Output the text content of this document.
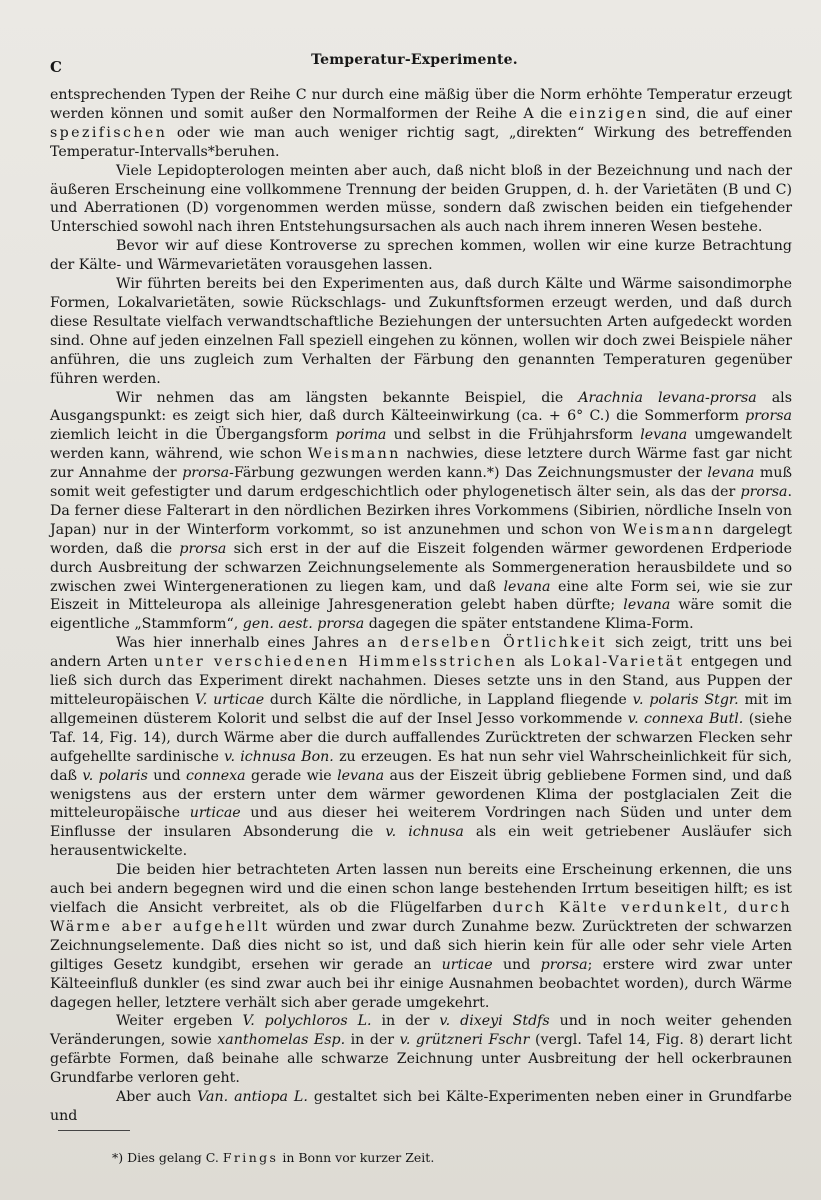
C	Temperatur-Experimente.

entsprechenden Typen der Reihe C nur durch eine mäßig über die Norm erhöhte Temperatur erzeugt werden können und somit außer den Normalformen der Reihe A die einzigen sind, die auf einer spezifischen oder wie man auch weniger richtig sagt, „direkten“ Wirkung des betreffenden Temperatur-Intervalls*beruhen.

Viele Lepidopterologen meinten aber auch, daß nicht bloß in der Bezeichnung und nach der äußeren Erscheinung eine vollkommene Trennung der beiden Gruppen, d. h. der Varietäten (B und C) und Aberrationen (D) vorgenommen werden müsse, sondern daß zwischen beiden ein tiefgehender Unterschied sowohl nach ihren Entstehungsursachen als auch nach ihrem inneren Wesen bestehe.

Bevor wir auf diese Kontroverse zu sprechen kommen, wollen wir eine kurze Betrachtung der Kälte- und Wärmevarietäten vorausgehen lassen.

Wir führten bereits bei den Experimenten aus, daß durch Kälte und Wärme saisondimorphe Formen, Lokalvarietäten, sowie Rückschlags- und Zukunftsformen erzeugt werden, und daß durch diese Resultate vielfach verwandtschaftliche Beziehungen der untersuchten Arten aufgedeckt worden sind. Ohne auf jeden einzelnen Fall speziell eingehen zu können, wollen wir doch zwei Beispiele näher anführen, die uns zugleich zum Verhalten der Färbung den genannten Temperaturen gegenüber führen werden.

Wir nehmen das am längsten bekannte Beispiel, die Arachnia levana-prorsa als Ausgangspunkt: es zeigt sich hier, daß durch Kälteeinwirkung (ca. + 6° C.) die Sommerform prorsa ziemlich leicht in die Übergangsform porima und selbst in die Frühjahrsform levana umgewandelt werden kann, während, wie schon Weismann nachwies, diese letztere durch Wärme fast gar nicht zur Annahme der prorsa-Färbung gezwungen werden kann.*) Das Zeichnungsmuster der levana muß somit weit gefestigter und darum erdgeschichtlich oder phylogenetisch älter sein, als das der prorsa. Da ferner diese Falterart in den nördlichen Bezirken ihres Vorkommens (Sibirien, nördliche Inseln von Japan) nur in der Winterform vorkommt, so ist anzunehmen und schon von Weismann dargelegt worden, daß die prorsa sich erst in der auf die Eiszeit folgenden wärmer gewordenen Erdperiode durch Ausbreitung der schwarzen Zeichnungselemente als Sommergeneration herausbildete und so zwischen zwei Wintergenerationen zu liegen kam, und daß levana eine alte Form sei, wie sie zur Eiszeit in Mitteleuropa als alleinige Jahresgeneration gelebt haben dürfte; levana wäre somit die eigentliche „Stammform“, gen. aest. prorsa dagegen die später entstandene Klima-Form.

Was hier innerhalb eines Jahres an derselben Örtlichkeit sich zeigt, tritt uns bei andern Arten unter verschiedenen Himmelsstrichen als Lokal-Varietät entgegen und ließ sich durch das Experiment direkt nachahmen. Dieses setzte uns in den Stand, aus Puppen der mitteleuropäischen V. urticae durch Kälte die nördliche, in Lappland fliegende v. polaris Stgr. mit im allgemeinen düsterem Kolorit und selbst die auf der Insel Jesso vorkommende v. connexa Butl. (siehe Taf. 14, Fig. 14), durch Wärme aber die durch auffallendes Zurücktreten der schwarzen Flecken sehr aufgehellte sardinische v. ichnusa Bon. zu erzeugen. Es hat nun sehr viel Wahrscheinlichkeit für sich, daß v. polaris und connexa gerade wie levana aus der Eiszeit übrig gebliebene Formen sind, und daß wenigstens aus der erstern unter dem wärmer gewordenen Klima der postglacialen Zeit die mitteleuropäische urticae und aus dieser hei weiterem Vordringen nach Süden und unter dem Einflusse der insularen Absonderung die v. ichnusa als ein weit getriebener Ausläufer sich herausentwickelte.

Die beiden hier betrachteten Arten lassen nun bereits eine Erscheinung erkennen, die uns auch bei andern begegnen wird und die einen schon lange bestehenden Irrtum beseitigen hilft; es ist vielfach die Ansicht verbreitet, als ob die Flügelfarben durch Kälte verdunkelt, durch Wärme aber aufgehellt würden und zwar durch Zunahme bezw. Zurücktreten der schwarzen Zeichnungselemente. Daß dies nicht so ist, und daß sich hierin kein für alle oder sehr viele Arten giltiges Gesetz kundgibt, ersehen wir gerade an urticae und prorsa; erstere wird zwar unter Kälteeinfluß dunkler (es sind zwar auch bei ihr einige Ausnahmen beobachtet worden), durch Wärme dagegen heller, letztere verhält sich aber gerade umgekehrt.

Weiter ergeben V. polychloros L. in der v. dixeyi Stdfs und in noch weiter gehenden Veränderungen, sowie xanthomelas Esp. in der v. grützneri Fschr (vergl. Tafel 14, Fig. 8) derart licht gefärbte Formen, daß beinahe alle schwarze Zeichnung unter Ausbreitung der hell ockerbraunen Grundfarbe verloren geht.

Aber auch Van. antiopa L. gestaltet sich bei Kälte-Experimenten neben einer in Grundfarbe und

*) Dies gelang C. Frings in Bonn vor kurzer Zeit.
